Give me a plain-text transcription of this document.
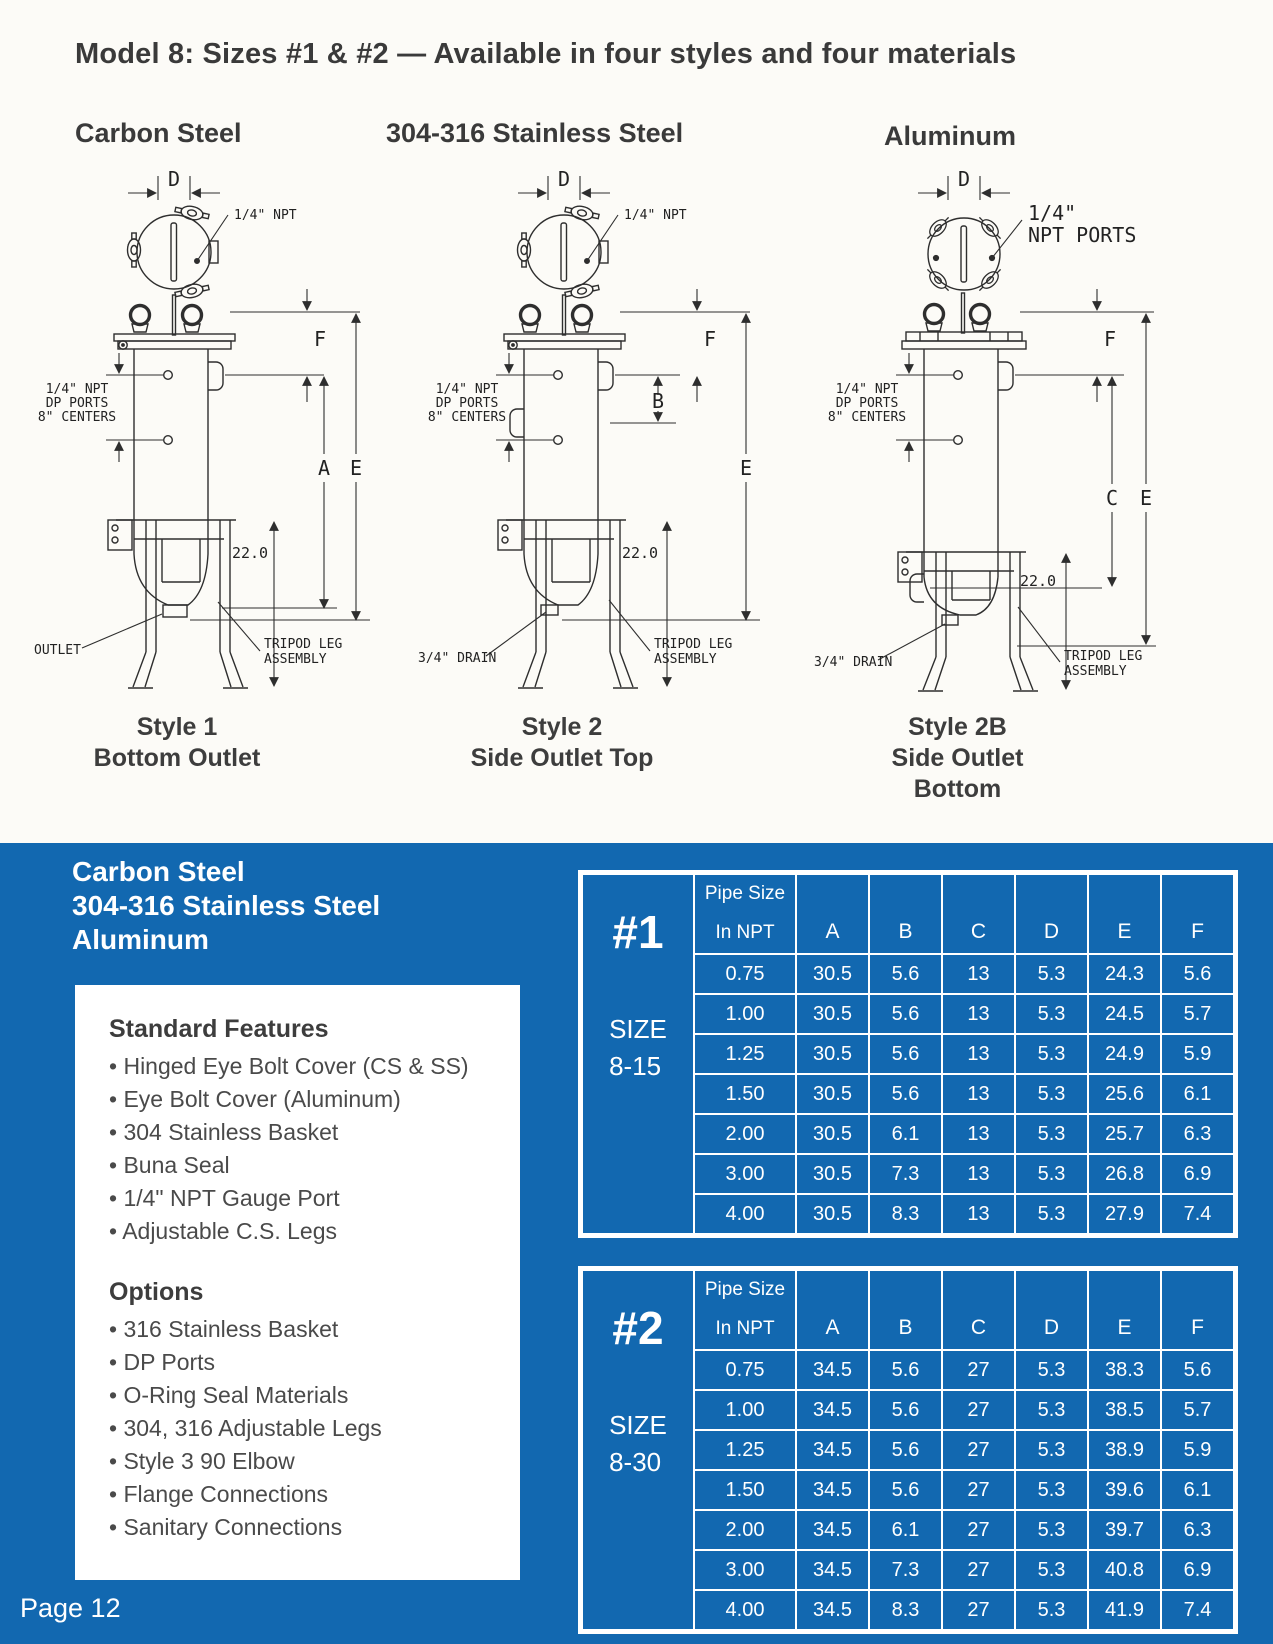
Model 8: Sizes #1 & #2 — Available in four styles and four materials
Carbon Steel	304-316 Stainless Steel	Aluminum
D
1/4" NPT
F
1/4" NPT
DP PORTS
8" CENTERS
A E
22.0
OUTLET	TRIPOD LEG
ASSEMBLY
D
1/4" NPT
F
B
1/4" NPT
DP PORTS
8" CENTERS
E
22.0
3/4" DRAIN
TRIPOD LEG
ASSEMBLY
D
1/4"
NPT PORTS
F
1/4" NPT
DP PORTS
8" CENTERS
C E
22.0
3/4" DRAIN	TRIPOD LEG
ASSEMBLY
Style 1
Bottom Outlet
Style 2
Side Outlet Top
Style 2B
Side Outlet
Bottom
Carbon Steel
304-316 Stainless Steel
Aluminum
Standard Features
• Hinged Eye Bolt Cover (CS & SS)
• Eye Bolt Cover (Aluminum)
• 304 Stainless Basket
• Buna Seal
• 1/4" NPT Gauge Port
• Adjustable C.S. Legs
Options
• 316 Stainless Basket
• DP Ports
• O-Ring Seal Materials
• 304, 316 Adjustable Legs
• Style 3 90 Elbow
• Flange Connections
• Sanitary Connections
#1
SIZE
8-15
Pipe Size
In NPT	A	B	C	D	E	F
0.75	30.5	5.6	13	5.3	24.3	5.6
1.00	30.5	5.6	13	5.3	24.5	5.7
1.25	30.5	5.6	13	5.3	24.9	5.9
1.50	30.5	5.6	13	5.3	25.6	6.1
2.00	30.5	6.1	13	5.3	25.7	6.3
3.00	30.5	7.3	13	5.3	26.8	6.9
4.00	30.5	8.3	13	5.3	27.9	7.4
#2
SIZE
8-30
Pipe Size
In NPT	A	B	C	D	E	F
0.75	34.5	5.6	27	5.3	38.3	5.6
1.00	34.5	5.6	27	5.3	38.5	5.7
1.25	34.5	5.6	27	5.3	38.9	5.9
1.50	34.5	5.6	27	5.3	39.6	6.1
2.00	34.5	6.1	27	5.3	39.7	6.3
3.00	34.5	7.3	27	5.3	40.8	6.9
4.00	34.5	8.3	27	5.3	41.9	7.4
Page 12
